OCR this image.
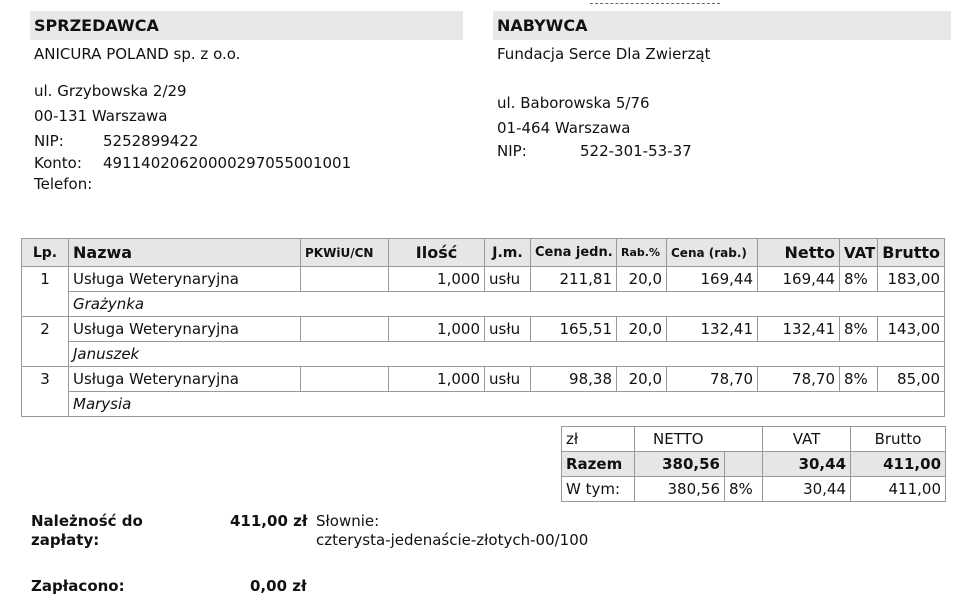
SPRZEDAWCA
ANICURA POLAND sp. z o.o.
ul. Grzybowska 2/29
00-131 Warszawa
NIP:	5252899422
Konto: 49114020620000297055001001
Telefon:
NABYWCA
Fundacja Serce Dla Zwierząt
ul. Baborowska 5/76
01-464 Warszawa
NIP:	522-301-53-37
Lp.	Nazwa	PKWiU/CN	Ilość	J.m.	Cena jedn.	Rab.%	Cena (rab.)	Netto	VAT	Brutto
1	Usługa Weterynaryjna		1,000	usłu	211,81	20,0	169,44	169,44	8%	183,00
	Grażynka									
2	Usługa Weterynaryjna		1,000	usłu	165,51	20,0	132,41	132,41	8%	143,00
	Januszek									
3	Usługa Weterynaryjna		1,000	usłu	98,38	20,0	78,70	78,70	8%	85,00
	Marysia									
zł	NETTO		VAT	Brutto
Razem	380,56		30,44	411,00
W tym:	380,56	8%	30,44	411,00
Należność do
zapłaty:
411,00 zł Słownie:
czterysta-jedenaście-złotych-00/100
Zapłacono:	0,00 zł
